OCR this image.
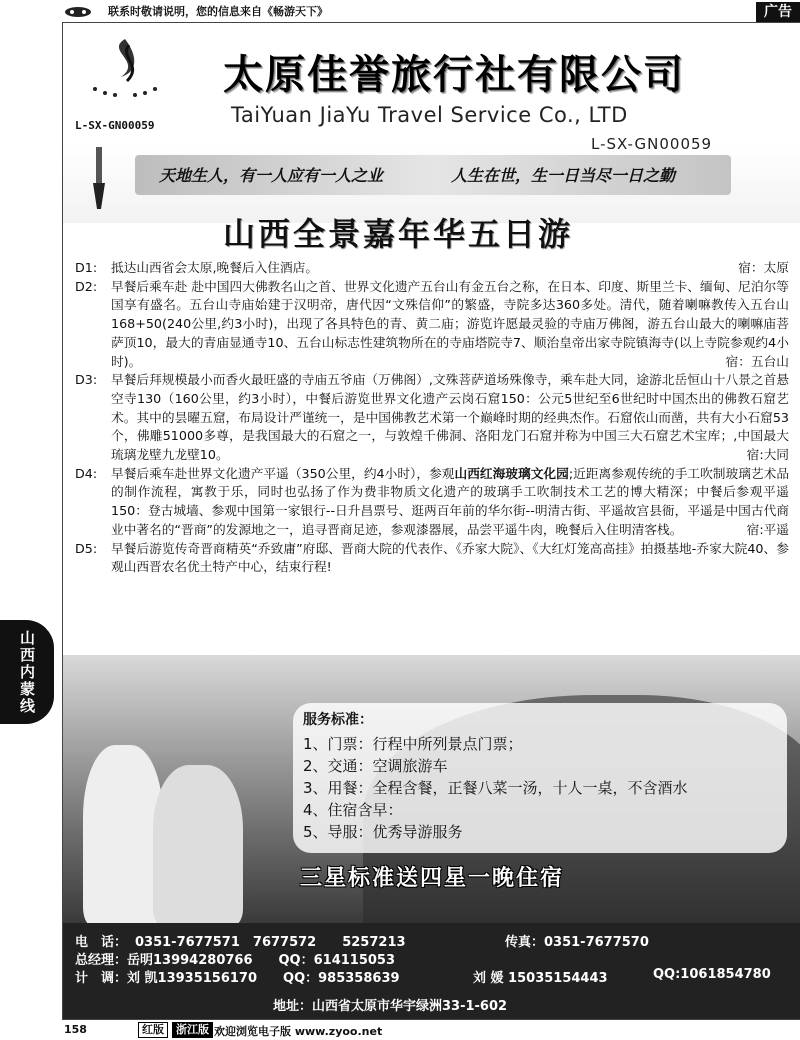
联系时敬请说明，您的信息来自《畅游天下》	广告
L-SX-GN00059
太原佳誉旅行社有限公司
TaiYuan JiaYu Travel Service Co., LTD
L-SX-GN00059
天地生人，有一人应有一人之业	人生在世，生一日当尽一日之勤
山西全景嘉年华五日游
D1:	抵达山西省会太原,晚餐后入住酒店。	宿：太原
D2:	早餐后乘车赴 赴中国四大佛教名山之首、世界文化遗产五台山有金五台之称，在日本、印度、斯里兰卡、缅甸、尼泊尔等国享有盛名。五台山寺庙始建于汉明帝，唐代因“文殊信仰”的繁盛，寺院多达360多处。清代，随着喇嘛教传入五台山168+50(240公里,约3小时)，出现了各具特色的青、黄二庙；游览许愿最灵验的寺庙万佛阁，游五台山最大的喇嘛庙菩萨顶10，最大的青庙显通寺10、五台山标志性建筑物所在的寺庙塔院寺7、顺治皇帝出家寺院镇海寺(以上寺院参观约4小时)。	宿：五台山
D3:	早餐后拜规模最小而香火最旺盛的寺庙五爷庙（万佛阁）,文殊菩萨道场殊像寺，乘车赴大同，途游北岳恒山十八景之首悬空寺130（160公里，约3小时），中餐后游览世界文化遗产云岗石窟150：公元5世纪至6世纪时中国杰出的佛教石窟艺术。其中的昙曜五窟，布局设计严谨统一，是中国佛教艺术第一个巅峰时期的经典杰作。石窟依山而凿，共有大小石窟53个，佛雕51000多尊，是我国最大的石窟之一，与敦煌千佛洞、洛阳龙门石窟并称为中国三大石窟艺术宝库；,中国最大琉璃龙壁九龙壁10。	宿:大同
D4:	早餐后乘车赴世界文化遗产平遥（350公里，约4小时），参观山西红海玻璃文化园;近距离参观传统的手工吹制玻璃艺术品的制作流程，寓教于乐，同时也弘扬了作为费非物质文化遗产的玻璃手工吹制技术工艺的博大精深；中餐后参观平遥150：登古城墙、参观中国第一家银行--日升昌票号、逛两百年前的华尔街--明清古街、平遥故宫县衙，平遥是中国古代商业中著名的“晋商”的发源地之一，追寻晋商足迹，参观漆器展，品尝平遥牛肉，晚餐后入住明清客栈。	宿:平遥
D5:	早餐后游览传奇晋商精英“乔致庸”府邸、晋商大院的代表作、《乔家大院》、《大红灯笼高高挂》拍摄基地-乔家大院40、参观山西晋农名优土特产中心，结束行程!
服务标准：
1、门票：行程中所列景点门票；
2、交通：空调旅游车
3、用餐：全程含餐，正餐八菜一汤，十人一桌，不含酒水
4、住宿含早：
5、导服：优秀导游服务
三星标准送四星一晚住宿
电　话： 0351-7677571　7677572　　5257213	传真：0351-7677570
总经理：岳明13994280766　　QQ：614115053
计　调：刘 凯13935156170　　QQ：985358639	刘 媛 15035154443	QQ:1061854780
地址：山西省太原市华宇绿洲33-1-602
山西内蒙线
158	红版	浙江版 欢迎浏览电子版 www.zyoo.net
